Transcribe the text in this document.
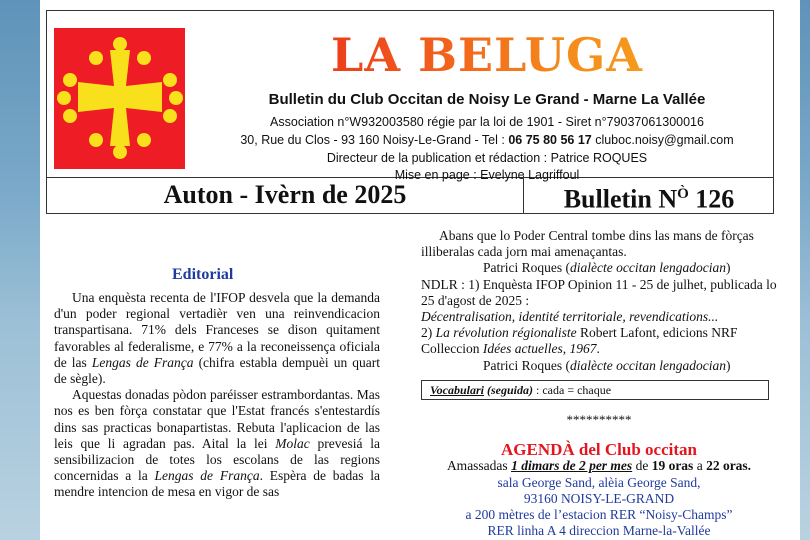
LA BELUGA
Bulletin du Club Occitan de Noisy Le Grand - Marne La Vallée
Association n°W932003580 régie par la loi de 1901 - Siret n°79037061300016
30, Rue du Clos - 93 160 Noisy-Le-Grand - Tel : 06 75 80 56 17 cluboc.noisy@gmail.com
Directeur de la publication et rédaction : Patrice ROQUES
Mise en page : Evelyne Lagriffoul
Auton - Ivèrn de 2025	Bulletin $N^Ò$ 126
Editorial

Una enquèsta recenta de l'IFOP desvela que la demanda d'un poder regional vertadièr ven una reinvendicacion transpartisana. 71% dels Franceses se dison quitament favorables al federalisme, e 77% a la reconeissença oficiala de las Lengas de França (chifra establa dempuèi un quart de sègle).

Aquestas donadas pòdon paréisser estrambordantas. Mas nos es ben fòrça constatar que l'Estat francés s'entestardís dins sas practicas bonapartistas. Rebuta l'aplicacion de las leis que li agradan pas. Aital la lei Molac prevesiá la sensibilizacion de totes los escolans de las regions concernidas a la Lengas de França. Espèra de badas la mendre intencion de mesa en vigor de sas

Abans que lo Poder Central tombe dins las mans de fòrças illiberalas cada jorn mai amenaçantas.

Patrici Roques (dialècte occitan lengadocian)

NDLR : 1) Enquèsta IFOP Opinion 11 - 25 de julhet, publicada lo 25 d'agost de 2025 :

Décentralisation, identité territoriale, revendications...

2) La révolution régionaliste Robert Lafont, edicions NRF Colleccion Idées actuelles, 1967.

Patrici Roques (dialècte occitan lengadocian)

Vocabulari (seguida) : cada = chaque
**********
AGENDÀ del Club occitan

Amassadas 1 dimars de 2 per mes de 19 oras a 22 oras.

sala George Sand, alèia George Sand,

93160 NOISY-LE-GRAND

a 200 mètres de l’estacion RER “Noisy-Champs”

RER linha A 4 direccion Marne-la-Vallée
